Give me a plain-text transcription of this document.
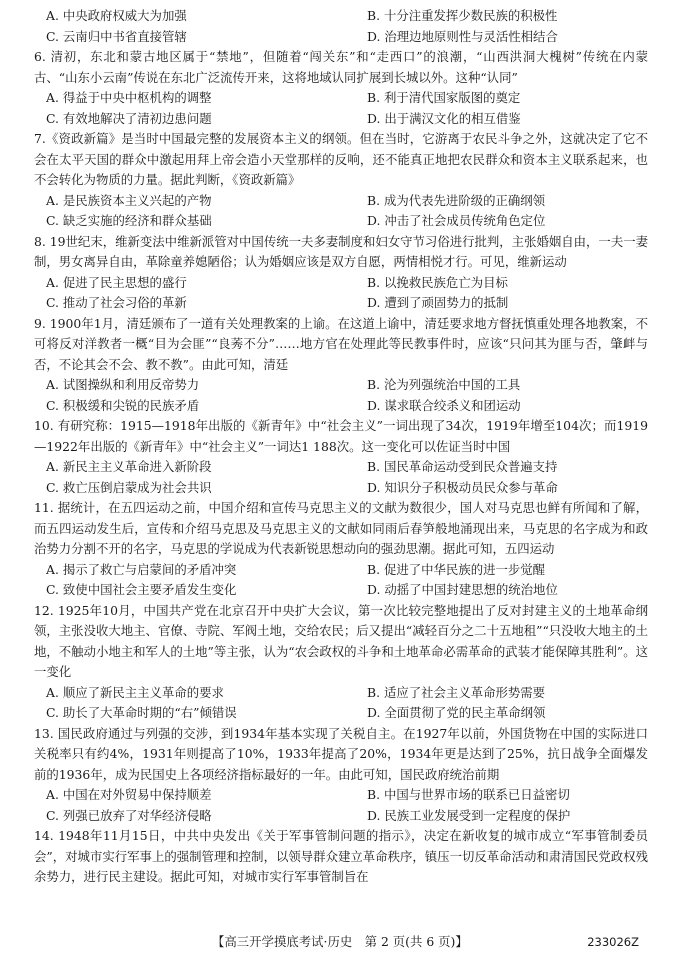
A. 中央政府权威大为加强	B. 十分注重发挥少数民族的积极性
C. 云南归中书省直接管辖	D. 治理边地原则性与灵活性相结合

6. 清初，东北和蒙古地区属于“禁地”，但随着“闯关东”和“走西口”的浪潮，“山西洪洞大槐树”传统在内蒙古、“山东小云南”传说在东北广泛流传开来，这将地域认同扩展到长城以外。这种“认同”

A. 得益于中央中枢机构的调整	B. 利于清代国家版图的奠定
C. 有效地解决了清初边患问题	D. 出于满汉文化的相互借鉴

7.《资政新篇》是当时中国最完整的发展资本主义的纲领。但在当时，它游离于农民斗争之外，这就决定了它不会在太平天国的群众中激起用拜上帝会造小天堂那样的反响，还不能真正地把农民群众和资本主义联系起来，也不会转化为物质的力量。据此判断，《资政新篇》

A. 是民族资本主义兴起的产物	B. 成为代表先进阶级的正确纲领
C. 缺乏实施的经济和群众基础	D. 冲击了社会成员传统角色定位

8. 19世纪末，维新变法中维新派管对中国传统一夫多妻制度和妇女守节习俗进行批判，主张婚姻自由，一夫一妻制，男女离异自由，革除童养媳陋俗；认为婚姻应该是双方自愿，两情相悦才行。可见，维新运动

A. 促进了民主思想的盛行	B. 以挽救民族危亡为目标
C. 推动了社会习俗的革新	D. 遭到了顽固势力的抵制

9. 1900年1月，清廷颁布了一道有关处理教案的上谕。在这道上谕中，清廷要求地方督抚慎重处理各地教案，不可将反对洋教者一概“目为会匪”“良莠不分”……地方官在处理此等民教事件时，应该“只问其为匪与否，肇衅与否，不论其会不会、教不教”。由此可知，清廷

A. 试图操纵和利用反帝势力	B. 沦为列强统治中国的工具
C. 积极缓和尖锐的民族矛盾	D. 谋求联合绞杀义和团运动

10. 有研究称：1915—1918年出版的《新青年》中“社会主义”一词出现了34次，1919年增至104次；而1919—1922年出版的《新青年》中“社会主义”一词达1 188次。这一变化可以佐证当时中国

A. 新民主主义革命进入新阶段	B. 国民革命运动受到民众普遍支持
C. 救亡压倒启蒙成为社会共识	D. 知识分子积极动员民众参与革命

11. 据统计，在五四运动之前，中国介绍和宣传马克思主义的文献为数很少，国人对马克思也鲜有所闻和了解，而五四运动发生后，宣传和介绍马克思及马克思主义的文献如同雨后春笋般地涌现出来，马克思的名字成为和政治势力分割不开的名字，马克思的学说成为代表新锐思想动向的强劲思潮。据此可知，五四运动

A. 揭示了救亡与启蒙间的矛盾冲突	B. 促进了中华民族的进一步觉醒
C. 致使中国社会主要矛盾发生变化	D. 动摇了中国封建思想的统治地位

12. 1925年10月，中国共产党在北京召开中央扩大会议，第一次比较完整地提出了反对封建主义的土地革命纲领，主张没收大地主、官僚、寺院、军阀土地，交给农民；后又提出“减轻百分之二十五地租”“只没收大地主的土地，不触动小地主和军人的土地”等主张，认为“农会政权的斗争和土地革命必需革命的武装才能保障其胜利”。这一变化

A. 顺应了新民主主义革命的要求	B. 适应了社会主义革命形势需要
C. 助长了大革命时期的“右”倾错误	D. 全面贯彻了党的民主革命纲领

13. 国民政府通过与列强的交涉，到1934年基本实现了关税自主。在1927年以前，外国货物在中国的实际进口关税率只有约4%，1931年则提高了10%，1933年提高了20%，1934年更是达到了25%，抗日战争全面爆发前的1936年，成为民国史上各项经济指标最好的一年。由此可知，国民政府统治前期

A. 中国在对外贸易中保持顺差	B. 中国与世界市场的联系已日益密切
C. 列强已放弃了对华经济侵略	D. 民族工业发展受到一定程度的保护

14. 1948年11月15日，中共中央发出《关于军事管制问题的指示》，决定在新收复的城市成立“军事管制委员会”，对城市实行军事上的强制管理和控制，以领导群众建立革命秩序，镇压一切反革命活动和肃清国民党政权残余势力，进行民主建设。据此可知，对城市实行军事管制旨在

【高三开学摸底考试·历史　第 2 页(共 6 页)】	233026Z
